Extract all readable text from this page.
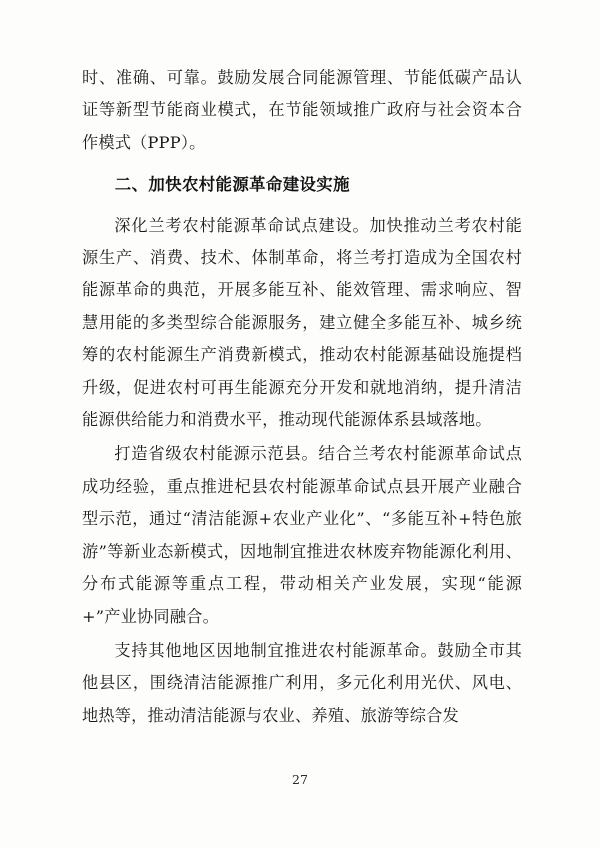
时、准确、可靠。鼓励发展合同能源管理、节能低碳产品认证等新型节能商业模式，在节能领域推广政府与社会资本合作模式（PPP）。

二、加快农村能源革命建设实施

深化兰考农村能源革命试点建设。加快推动兰考农村能源生产、消费、技术、体制革命，将兰考打造成为全国农村能源革命的典范，开展多能互补、能效管理、需求响应、智慧用能的多类型综合能源服务，建立健全多能互补、城乡统筹的农村能源生产消费新模式，推动农村能源基础设施提档升级，促进农村可再生能源充分开发和就地消纳，提升清洁能源供给能力和消费水平，推动现代能源体系县域落地。

打造省级农村能源示范县。结合兰考农村能源革命试点成功经验，重点推进杞县农村能源革命试点县开展产业融合型示范，通过“清洁能源+农业产业化”、“多能互补+特色旅游”等新业态新模式，因地制宜推进农林废弃物能源化利用、分布式能源等重点工程，带动相关产业发展，实现“能源+”产业协同融合。

支持其他地区因地制宜推进农村能源革命。鼓励全市其他县区，围绕清洁能源推广利用，多元化利用光伏、风电、地热等，推动清洁能源与农业、养殖、旅游等综合发

27
